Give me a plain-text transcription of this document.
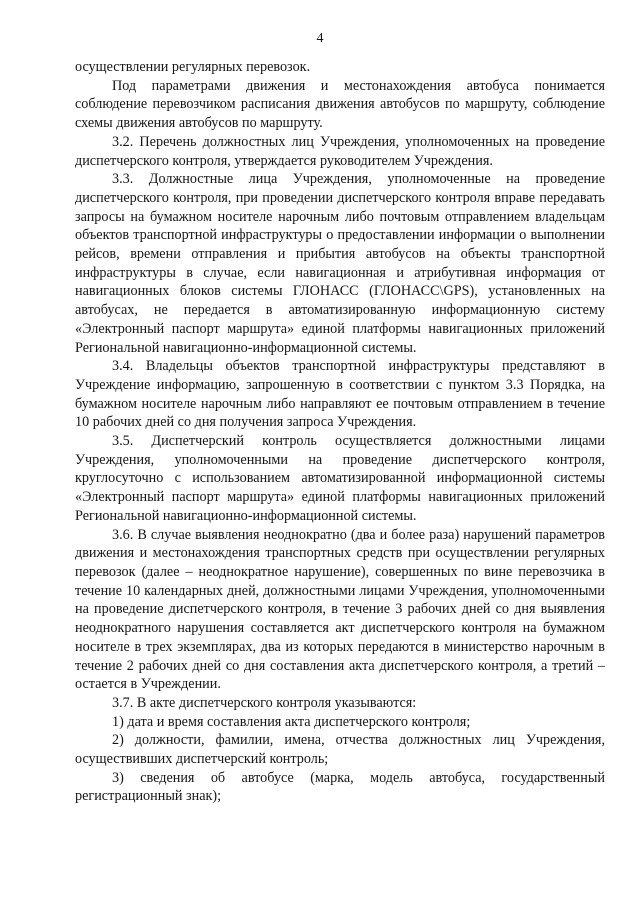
4

осуществлении регулярных перевозок.

Под параметрами движения и местонахождения автобуса понимается соблюдение перевозчиком расписания движения автобусов по маршруту, соблюдение схемы движения автобусов по маршруту.

3.2. Перечень должностных лиц Учреждения, уполномоченных на проведение диспетчерского контроля, утверждается руководителем Учреждения.

3.3. Должностные лица Учреждения, уполномоченные на проведение диспетчерского контроля, при проведении диспетчерского контроля вправе передавать запросы на бумажном носителе нарочным либо почтовым отправлением владельцам объектов транспортной инфраструктуры о предоставлении информации о выполнении рейсов, времени отправления и прибытия автобусов на объекты транспортной инфраструктуры в случае, если навигационная и атрибутивная информация от навигационных блоков системы ГЛОНАСС (ГЛОНАСС\GPS), установленных на автобусах, не передается в автоматизированную информационную систему «Электронный паспорт маршрута» единой платформы навигационных приложений Региональной навигационно-информационной системы.

3.4. Владельцы объектов транспортной инфраструктуры представляют в Учреждение информацию, запрошенную в соответствии с пунктом 3.3 Порядка, на бумажном носителе нарочным либо направляют ее почтовым отправлением в течение 10 рабочих дней со дня получения запроса Учреждения.

3.5. Диспетчерский контроль осуществляется должностными лицами Учреждения, уполномоченными на проведение диспетчерского контроля, круглосуточно с использованием автоматизированной информационной системы «Электронный паспорт маршрута» единой платформы навигационных приложений Региональной навигационно-информационной системы.

3.6. В случае выявления неоднократно (два и более раза) нарушений параметров движения и местонахождения транспортных средств при осуществлении регулярных перевозок (далее – неоднократное нарушение), совершенных по вине перевозчика в течение 10 календарных дней, должностными лицами Учреждения, уполномоченными на проведение диспетчерского контроля, в течение 3 рабочих дней со дня выявления неоднократного нарушения составляется акт диспетчерского контроля на бумажном носителе в трех экземплярах, два из которых передаются в министерство нарочным в течение 2 рабочих дней со дня составления акта диспетчерского контроля, а третий – остается в Учреждении.

3.7. В акте диспетчерского контроля указываются:

1) дата и время составления акта диспетчерского контроля;

2) должности, фамилии, имена, отчества должностных лиц Учреждения, осуществивших диспетчерский контроль;

3) сведения об автобусе (марка, модель автобуса, государственный регистрационный знак);
